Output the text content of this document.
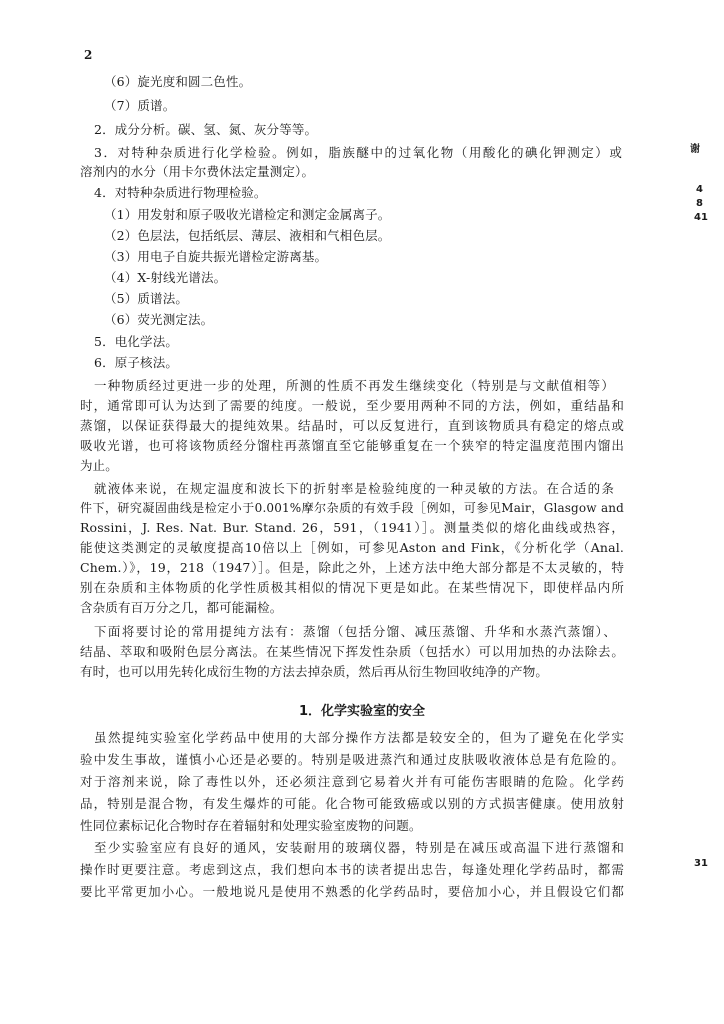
2
谢
4
8
41
31
（6）旋光度和圆二色性。
（7）质谱。
2．成分分析。碳、氢、氮、灰分等等。
3．对特种杂质进行化学检验。例如，脂族醚中的过氧化物（用酸化的碘化钾测定）或
溶剂内的水分（用卡尔费休法定量测定）。
4．对特种杂质进行物理检验。
（1）用发射和原子吸收光谱检定和测定金属离子。
（2）色层法，包括纸层、薄层、液相和气相色层。
（3）用电子自旋共振光谱检定游离基。
（4）X-射线光谱法。
（5）质谱法。
（6）荧光测定法。
5．电化学法。
6．原子核法。
一种物质经过更进一步的处理，所测的性质不再发生继续变化（特别是与文献值相等）
时，通常即可认为达到了需要的纯度。一般说，至少要用两种不同的方法，例如，重结晶和
蒸馏，以保证获得最大的提纯效果。结晶时，可以反复进行，直到该物质具有稳定的熔点或
吸收光谱，也可将该物质经分馏柱再蒸馏直至它能够重复在一个狭窄的特定温度范围内馏出
为止。
就液体来说，在规定温度和波长下的折射率是检验纯度的一种灵敏的方法。在合适的条
件下，研究凝固曲线是检定小于0.001%摩尔杂质的有效手段［例如，可参见Mair，Glasgow and
Rossini，J. Res. Nat. Bur. Stand. 26，591，（1941）］。测量类似的熔化曲线或热容，
能使这类测定的灵敏度提高10倍以上［例如，可参见Aston and Fink，《分析化学（Anal.
Chem.）》，19，218（1947）］。但是，除此之外，上述方法中绝大部分都是不太灵敏的，特
别在杂质和主体物质的化学性质极其相似的情况下更是如此。在某些情况下，即使样品内所
含杂质有百万分之几，都可能漏检。
下面将要讨论的常用提纯方法有：蒸馏（包括分馏、减压蒸馏、升华和水蒸汽蒸馏）、
结晶、萃取和吸附色层分离法。在某些情况下挥发性杂质（包括水）可以用加热的办法除去。
有时，也可以用先转化成衍生物的方法去掉杂质，然后再从衍生物回收纯净的产物。
1．化学实验室的安全
虽然提纯实验室化学药品中使用的大部分操作方法都是较安全的，但为了避免在化学实
验中发生事故，谨慎小心还是必要的。特别是吸进蒸汽和通过皮肤吸收液体总是有危险的。
对于溶剂来说，除了毒性以外，还必须注意到它易着火并有可能伤害眼睛的危险。化学药
品，特别是混合物，有发生爆炸的可能。化合物可能致癌或以别的方式损害健康。使用放射
性同位素标记化合物时存在着辐射和处理实验室废物的问题。
至少实验室应有良好的通风，安装耐用的玻璃仪器，特别是在减压或高温下进行蒸馏和
操作时更要注意。考虑到这点，我们想向本书的读者提出忠告，每逢处理化学药品时，都需
要比平常更加小心。一般地说凡是使用不熟悉的化学药品时，要倍加小心，并且假设它们都
